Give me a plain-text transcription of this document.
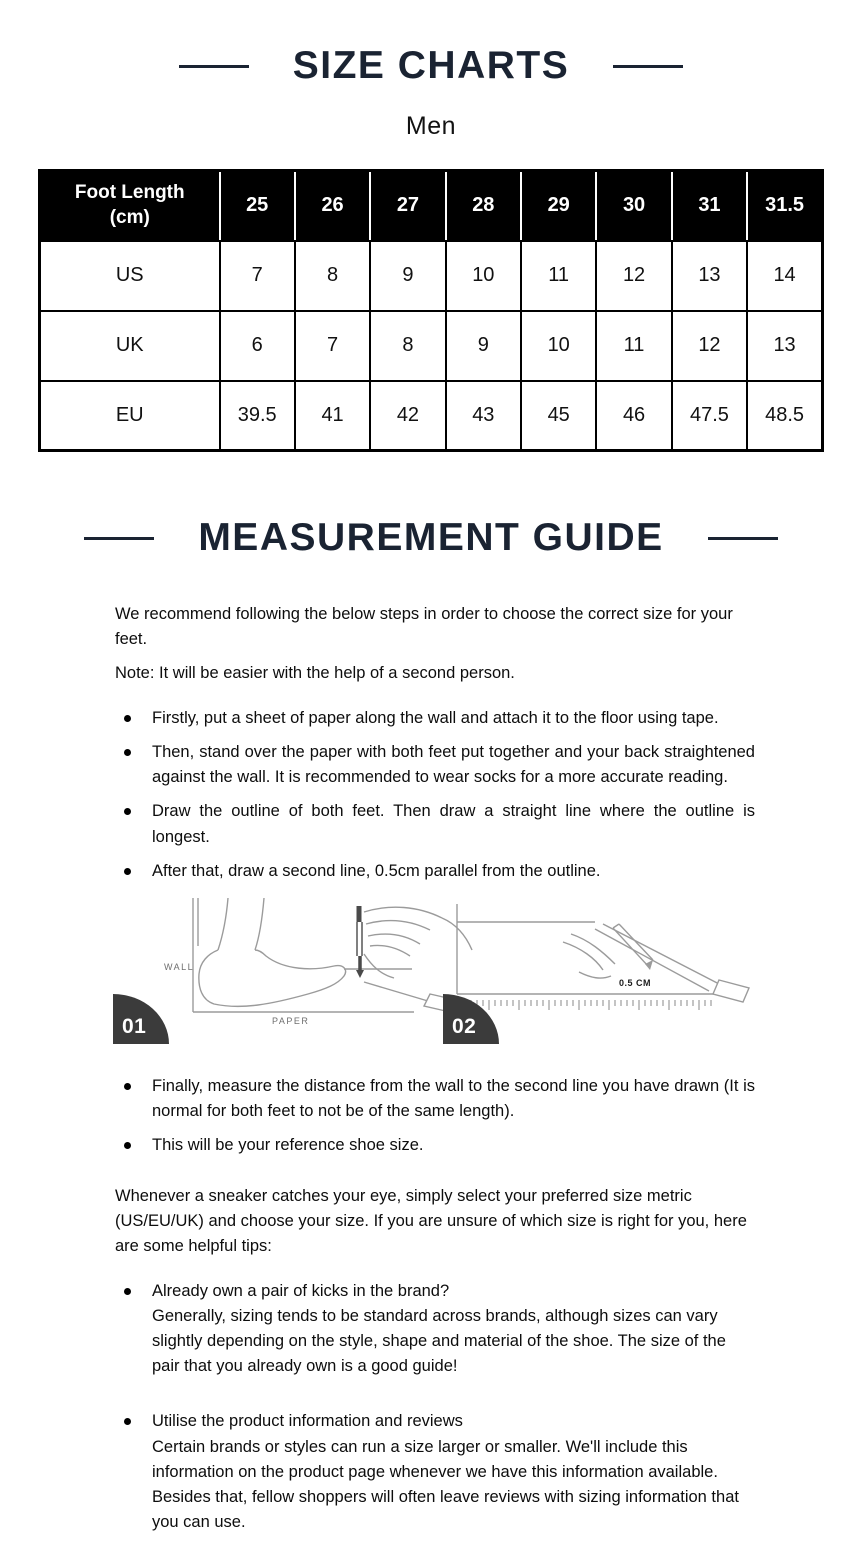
SIZE CHARTS
Men
Foot Length (cm)	25	26	27	28	29	30	31	31.5
US	7	8	9	10	11	12	13	14
UK	6	7	8	9	10	11	12	13
EU	39.5	41	42	43	45	46	47.5	48.5
MEASUREMENT GUIDE

We recommend following the below steps in order to choose the correct size for your feet.

Note: It will be easier with the help of a second person.

Firstly, put a sheet of paper along the wall and attach it to the floor using tape.
Then, stand over the paper with both feet put together and your back straightened against the wall. It is recommended to wear socks for a more accurate reading.
Draw the outline of both feet. Then draw a straight line where the outline is longest.
After that, draw a second line, 0.5cm parallel from the outline.
WALL
PAPER
0.5 CM
01	02
Finally, measure the distance from the wall to the second line you have drawn (It is normal for both feet to not be of the same length).
This will be your reference shoe size.

Whenever a sneaker catches your eye, simply select your preferred size metric (US/EU/UK) and choose your size. If you are unsure of which size is right for you, here are some helpful tips:

Already own a pair of kicks in the brand?
Generally, sizing tends to be standard across brands, although sizes can vary slightly depending on the style, shape and material of the shoe. The size of the pair that you already own is a good guide!
Utilise the product information and reviews
Certain brands or styles can run a size larger or smaller. We'll include this information on the product page whenever we have this information available. Besides that, fellow shoppers will often leave reviews with sizing information that you can use.
